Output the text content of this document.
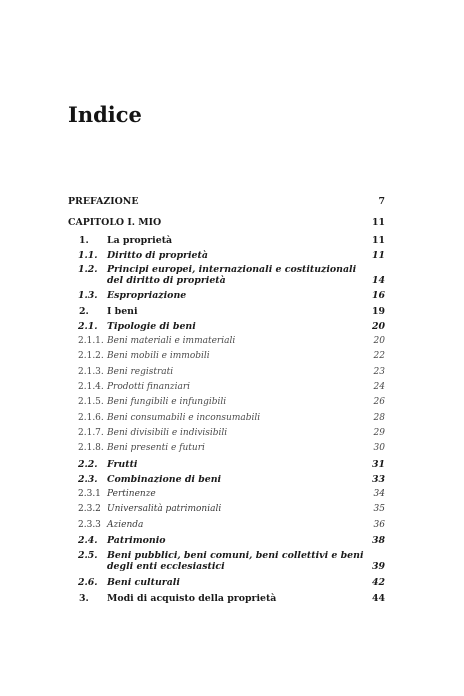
Indice
PREFAZIONE	7
CAPITOLO I. MIO	11
1. La proprietà	11
1.1. Diritto di proprietà	11
1.2. Principi europei, internazionali e costituzionali
del diritto di proprietà	14
1.3. Espropriazione	16
2. I beni	19
2.1. Tipologie di beni	20
2.1.1. Beni materiali e immateriali	20
2.1.2. Beni mobili e immobili	22
2.1.3. Beni registrati	23
2.1.4. Prodotti finanziari	24
2.1.5. Beni fungibili e infungibili	26
2.1.6. Beni consumabili e inconsumabili	28
2.1.7. Beni divisibili e indivisibili	29
2.1.8. Beni presenti e futuri	30
2.2. Frutti	31
2.3. Combinazione di beni	33
2.3.1 Pertinenze	34
2.3.2 Universalità patrimoniali	35
2.3.3 Azienda	36
2.4. Patrimonio	38
2.5. Beni pubblici, beni comuni, beni collettivi e beni
degli enti ecclesiastici	39
2.6. Beni culturali	42
3. Modi di acquisto della proprietà	44
